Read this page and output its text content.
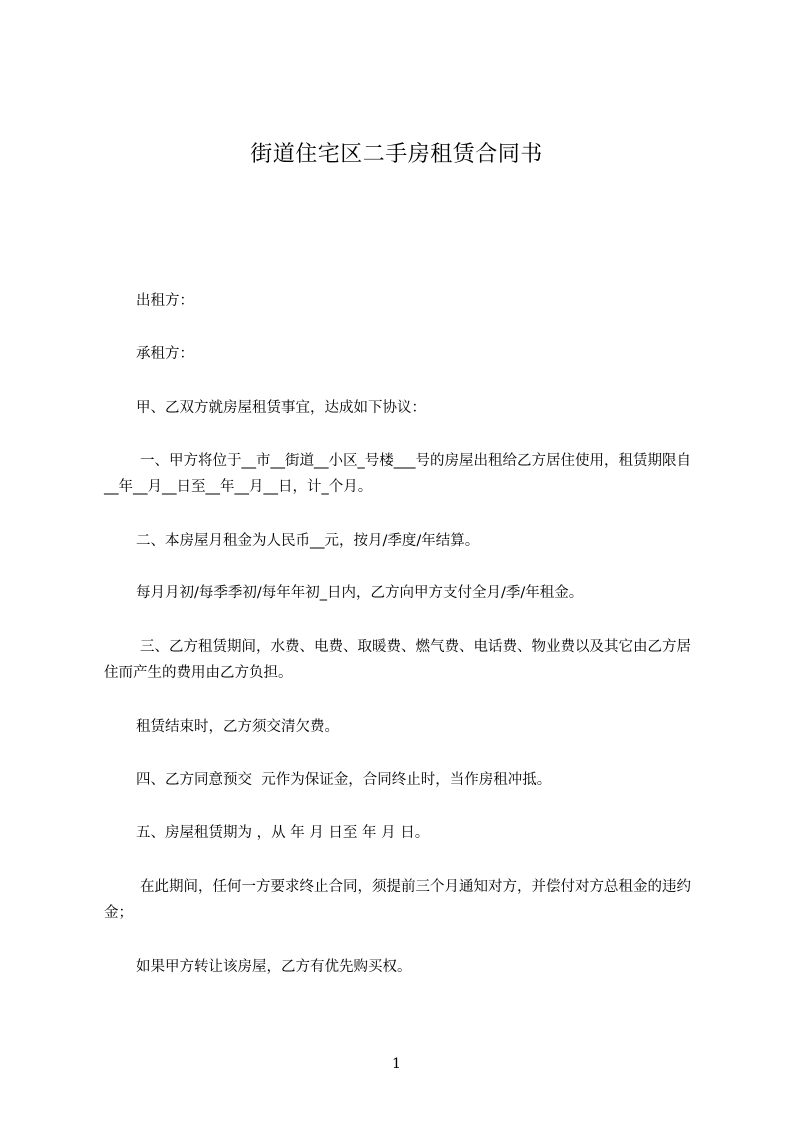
街道住宅区二手房租赁合同书

出租方：

承租方：

甲、乙双方就房屋租赁事宜，达成如下协议：

一、甲方将位于__市__街道__小区_号楼___号的房屋出租给乙方居住使用，租赁期限自__年__月__日至__年__月__日，计_个月。

二、本房屋月租金为人民币__元，按月/季度/年结算。

每月月初/每季季初/每年年初_日内，乙方向甲方支付全月/季/年租金。

三、乙方租赁期间，水费、电费、取暖费、燃气费、电话费、物业费以及其它由乙方居住而产生的费用由乙方负担。

租赁结束时，乙方须交清欠费。

四、乙方同意预交  元作为保证金，合同终止时，当作房租冲抵。

五、房屋租赁期为 ，从 年 月 日至 年 月 日。

在此期间，任何一方要求终止合同，须提前三个月通知对方，并偿付对方总租金的违约金；

如果甲方转让该房屋，乙方有优先购买权。

1
